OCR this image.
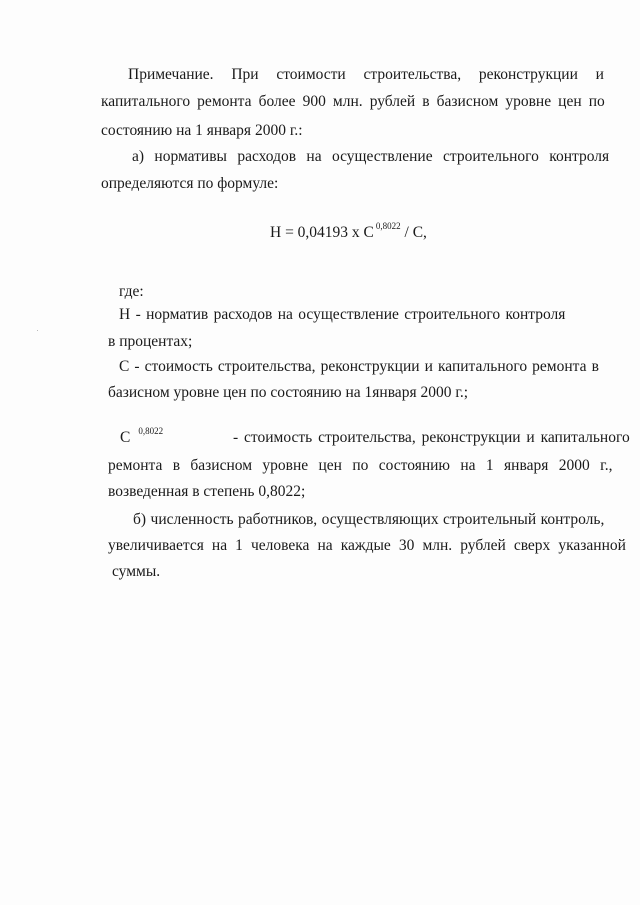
Примечание. При стоимости строительства, реконструкции и
капитального ремонта более 900 млн. рублей в базисном уровне цен по
состоянию на 1 января 2000 г.:
а) нормативы расходов на осуществление строительного контроля
определяются по формуле:
Н = 0,04193 х С $^{0,8022}$ / С,
где:
Н - норматив расходов на осуществление строительного контроля
в процентах;
С - стоимость строительства, реконструкции и капитального ремонта в
базисном уровне цен по состоянию на 1января 2000 г.;
С $^{0,8022}$	- стоимость строительства, реконструкции и капитального
ремонта в базисном уровне цен по состоянию на 1 января 2000 г.,
возведенная в степень 0,8022;
б) численность работников, осуществляющих строительный контроль,
увеличивается на 1 человека на каждые 30 млн. рублей сверх указанной
суммы.
